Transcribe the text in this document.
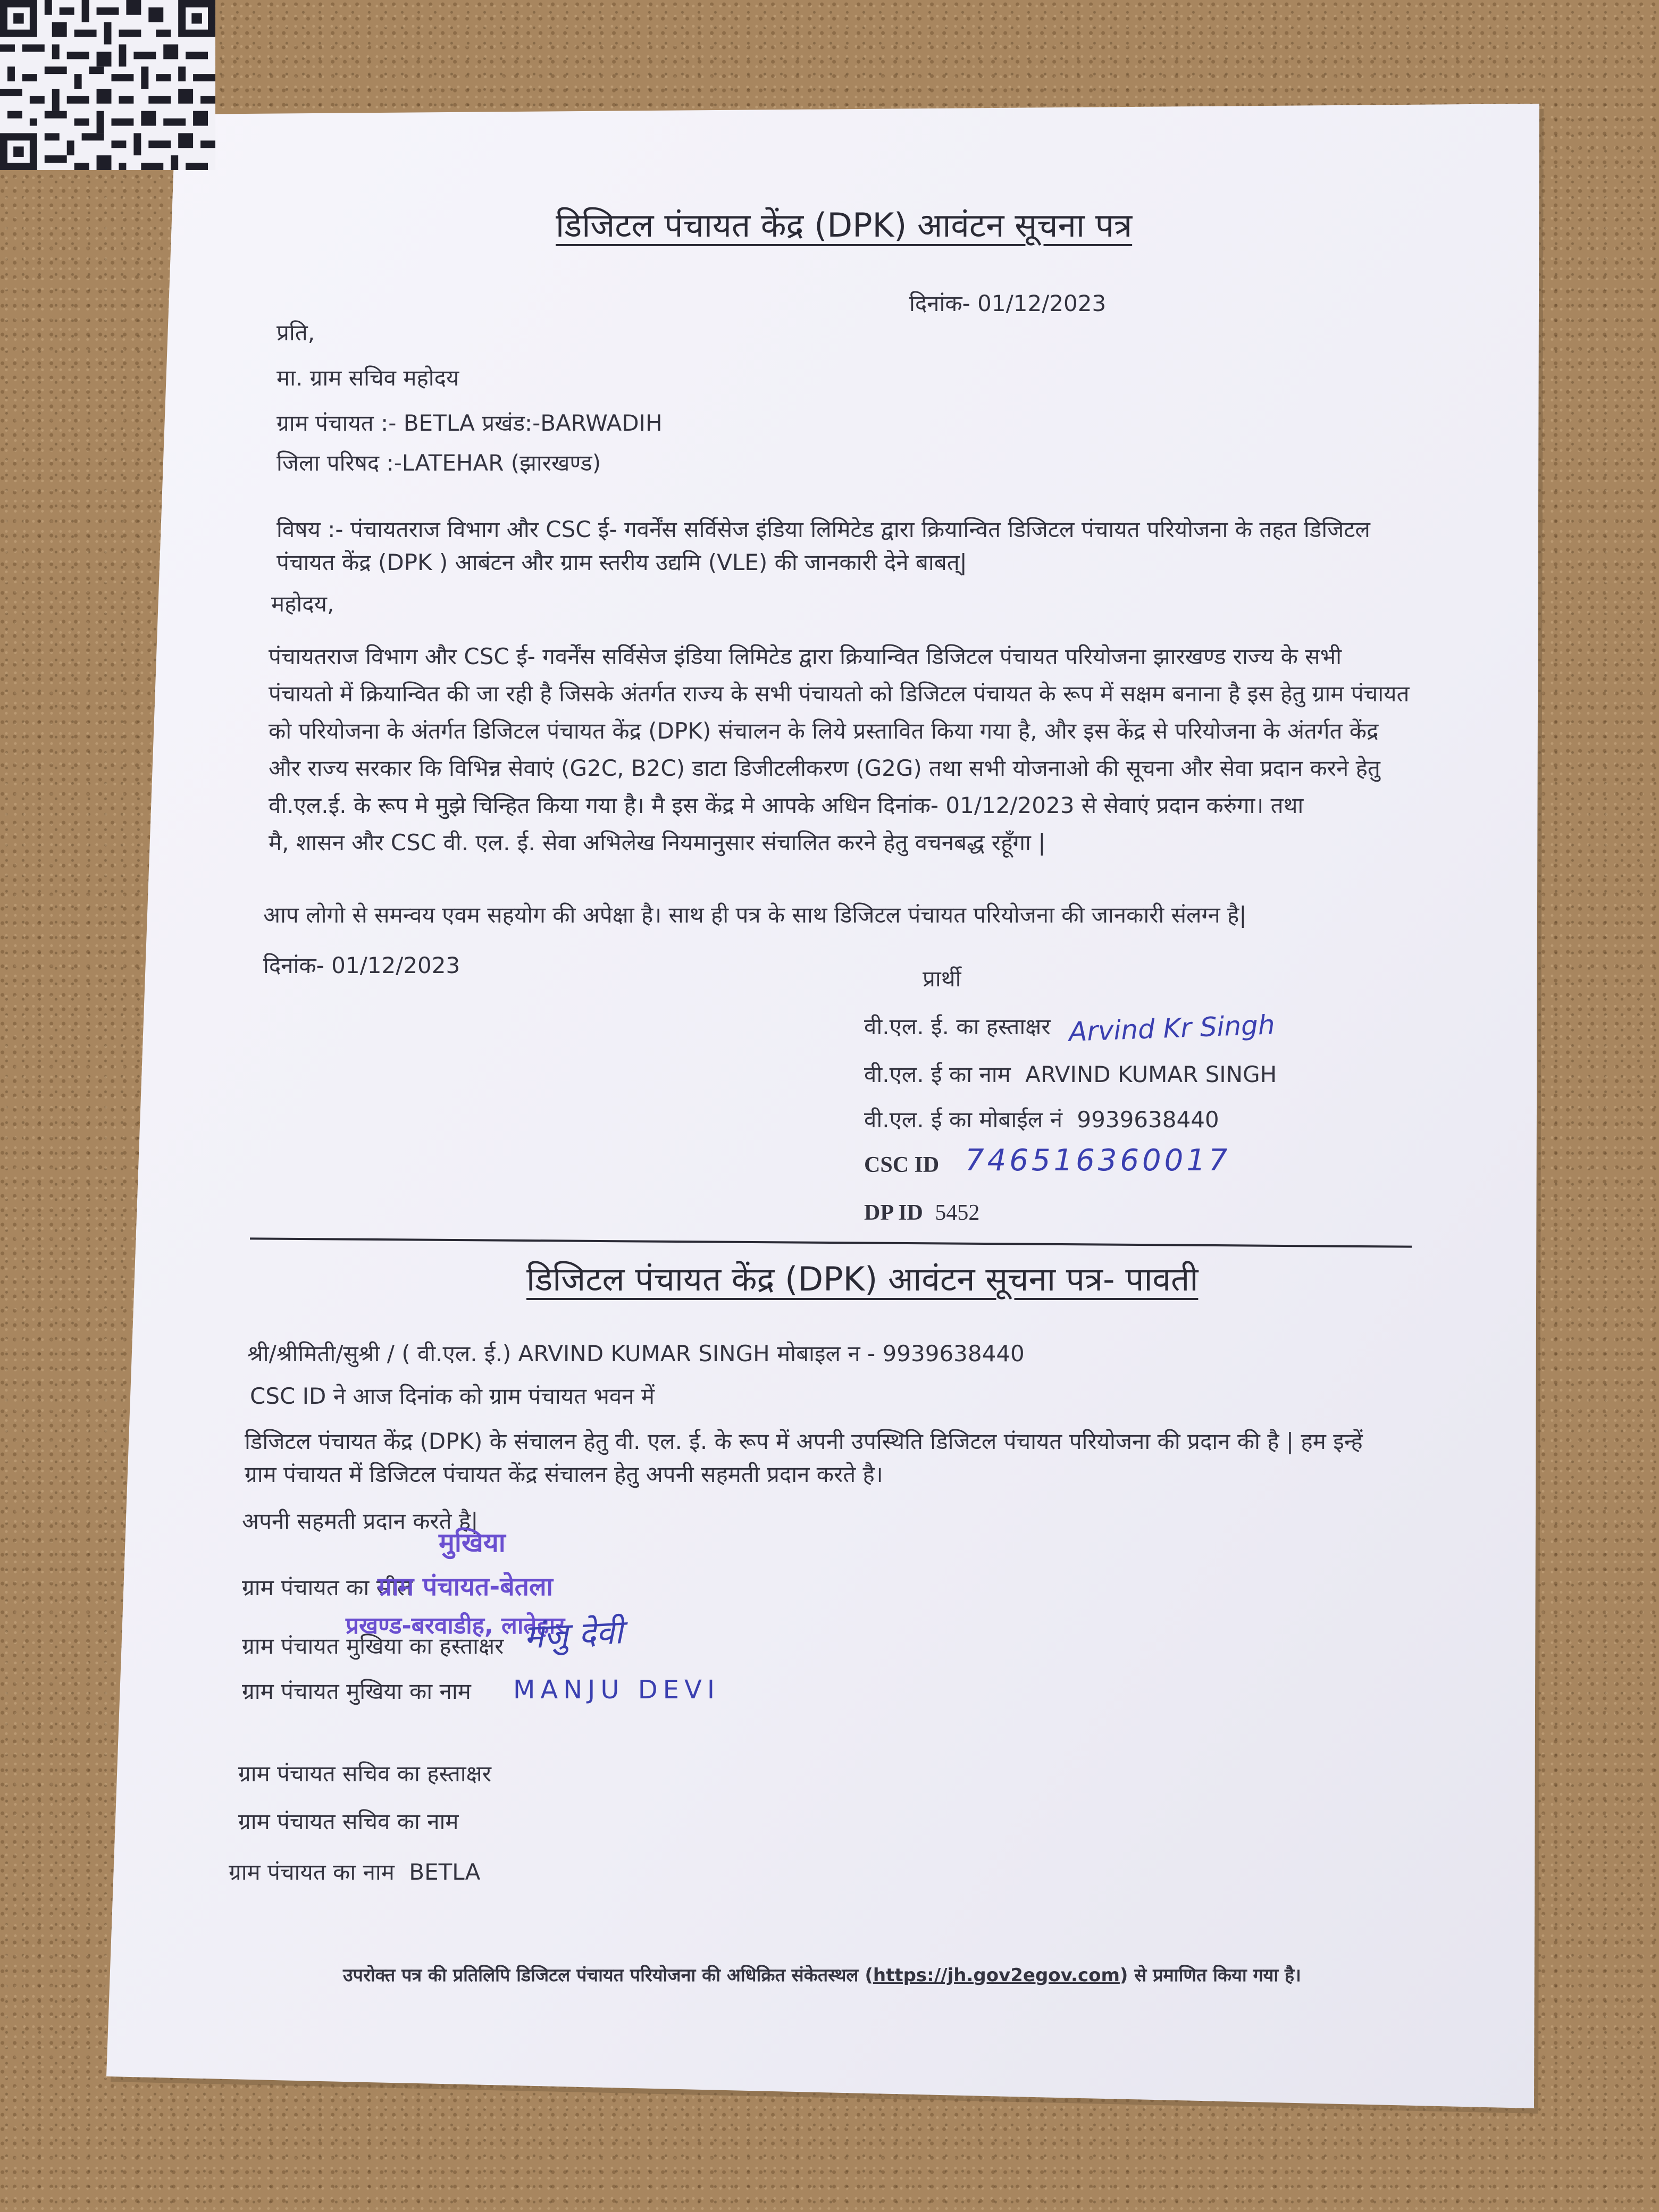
डिजिटल पंचायत केंद्र (DPK) आवंटन सूचना पत्र
दिनांक- 01/12/2023
प्रति,
मा. ग्राम सचिव महोदय
ग्राम पंचायत :- BETLA प्रखंड:-BARWADIH
जिला परिषद :-LATEHAR (झारखण्ड)
विषय :- पंचायतराज विभाग और CSC ई- गवर्नेंस सर्विसेज इंडिया लिमिटेड द्वारा क्रियान्वित डिजिटल पंचायत परियोजना के तहत डिजिटल
पंचायत केंद्र (DPK ) आबंटन और ग्राम स्तरीय उद्यमि (VLE) की जानकारी देने बाबत्|
महोदय,
पंचायतराज विभाग और CSC ई- गवर्नेंस सर्विसेज इंडिया लिमिटेड द्वारा क्रियान्वित डिजिटल पंचायत परियोजना झारखण्ड राज्य के सभी
पंचायतो में क्रियान्वित की जा रही है जिसके अंतर्गत राज्य के सभी पंचायतो को डिजिटल पंचायत के रूप में सक्षम बनाना है इस हेतु ग्राम पंचायत
को परियोजना के अंतर्गत डिजिटल पंचायत केंद्र (DPK) संचालन के लिये प्रस्तावित किया गया है, और इस केंद्र से परियोजना के अंतर्गत केंद्र
और राज्य सरकार कि विभिन्न सेवाएं (G2C, B2C) डाटा डिजीटलीकरण (G2G) तथा सभी योजनाओ की सूचना और सेवा प्रदान करने हेतु
वी.एल.ई. के रूप मे मुझे चिन्हित किया गया है। मै इस केंद्र मे आपके अधिन दिनांक- 01/12/2023 से सेवाएं प्रदान करुंगा। तथा
मै, शासन और CSC वी. एल. ई. सेवा अभिलेख नियमानुसार संचालित करने हेतु वचनबद्ध रहूँगा |
आप लोगो से समन्वय एवम सहयोग की अपेक्षा है। साथ ही पत्र के साथ डिजिटल पंचायत परियोजना की जानकारी संलग्न है|
दिनांक- 01/12/2023
प्रार्थी
वी.एल. ई. का हस्ताक्षर Arvind Kr Singh
वी.एल. ई का नाम ARVIND KUMAR SINGH
वी.एल. ई का मोबाईल नं 9939638440
CSC ID 746516360017
DP ID 5452
डिजिटल पंचायत केंद्र (DPK) आवंटन सूचना पत्र- पावती
श्री/श्रीमिती/सुश्री / ( वी.एल. ई.) ARVIND KUMAR SINGH मोबाइल न - 9939638440
CSC ID ने आज दिनांक को ग्राम पंचायत भवन में
डिजिटल पंचायत केंद्र (DPK) के संचालन हेतु वी. एल. ई. के रूप में अपनी उपस्थिति डिजिटल पंचायत परियोजना की प्रदान की है | हम इन्हें
ग्राम पंचायत में डिजिटल पंचायत केंद्र संचालन हेतु अपनी सहमती प्रदान करते है।
अपनी सहमती प्रदान करते है|
मुखिया
ग्राम पंचायत का सील
ग्राम पंचायत-बेतला
प्रखण्ड-बरवाडीह, लातेहार
ग्राम पंचायत मुखिया का हस्ताक्षर मंजु देवी
ग्राम पंचायत मुखिया का नाम MANJU DEVI
ग्राम पंचायत सचिव का हस्ताक्षर
ग्राम पंचायत सचिव का नाम
ग्राम पंचायत का नाम BETLA
उपरोक्त पत्र की प्रतिलिपि डिजिटल पंचायत परियोजना की अधिक्रित संकेतस्थल (https://jh.gov2egov.com) से प्रमाणित किया गया है।
